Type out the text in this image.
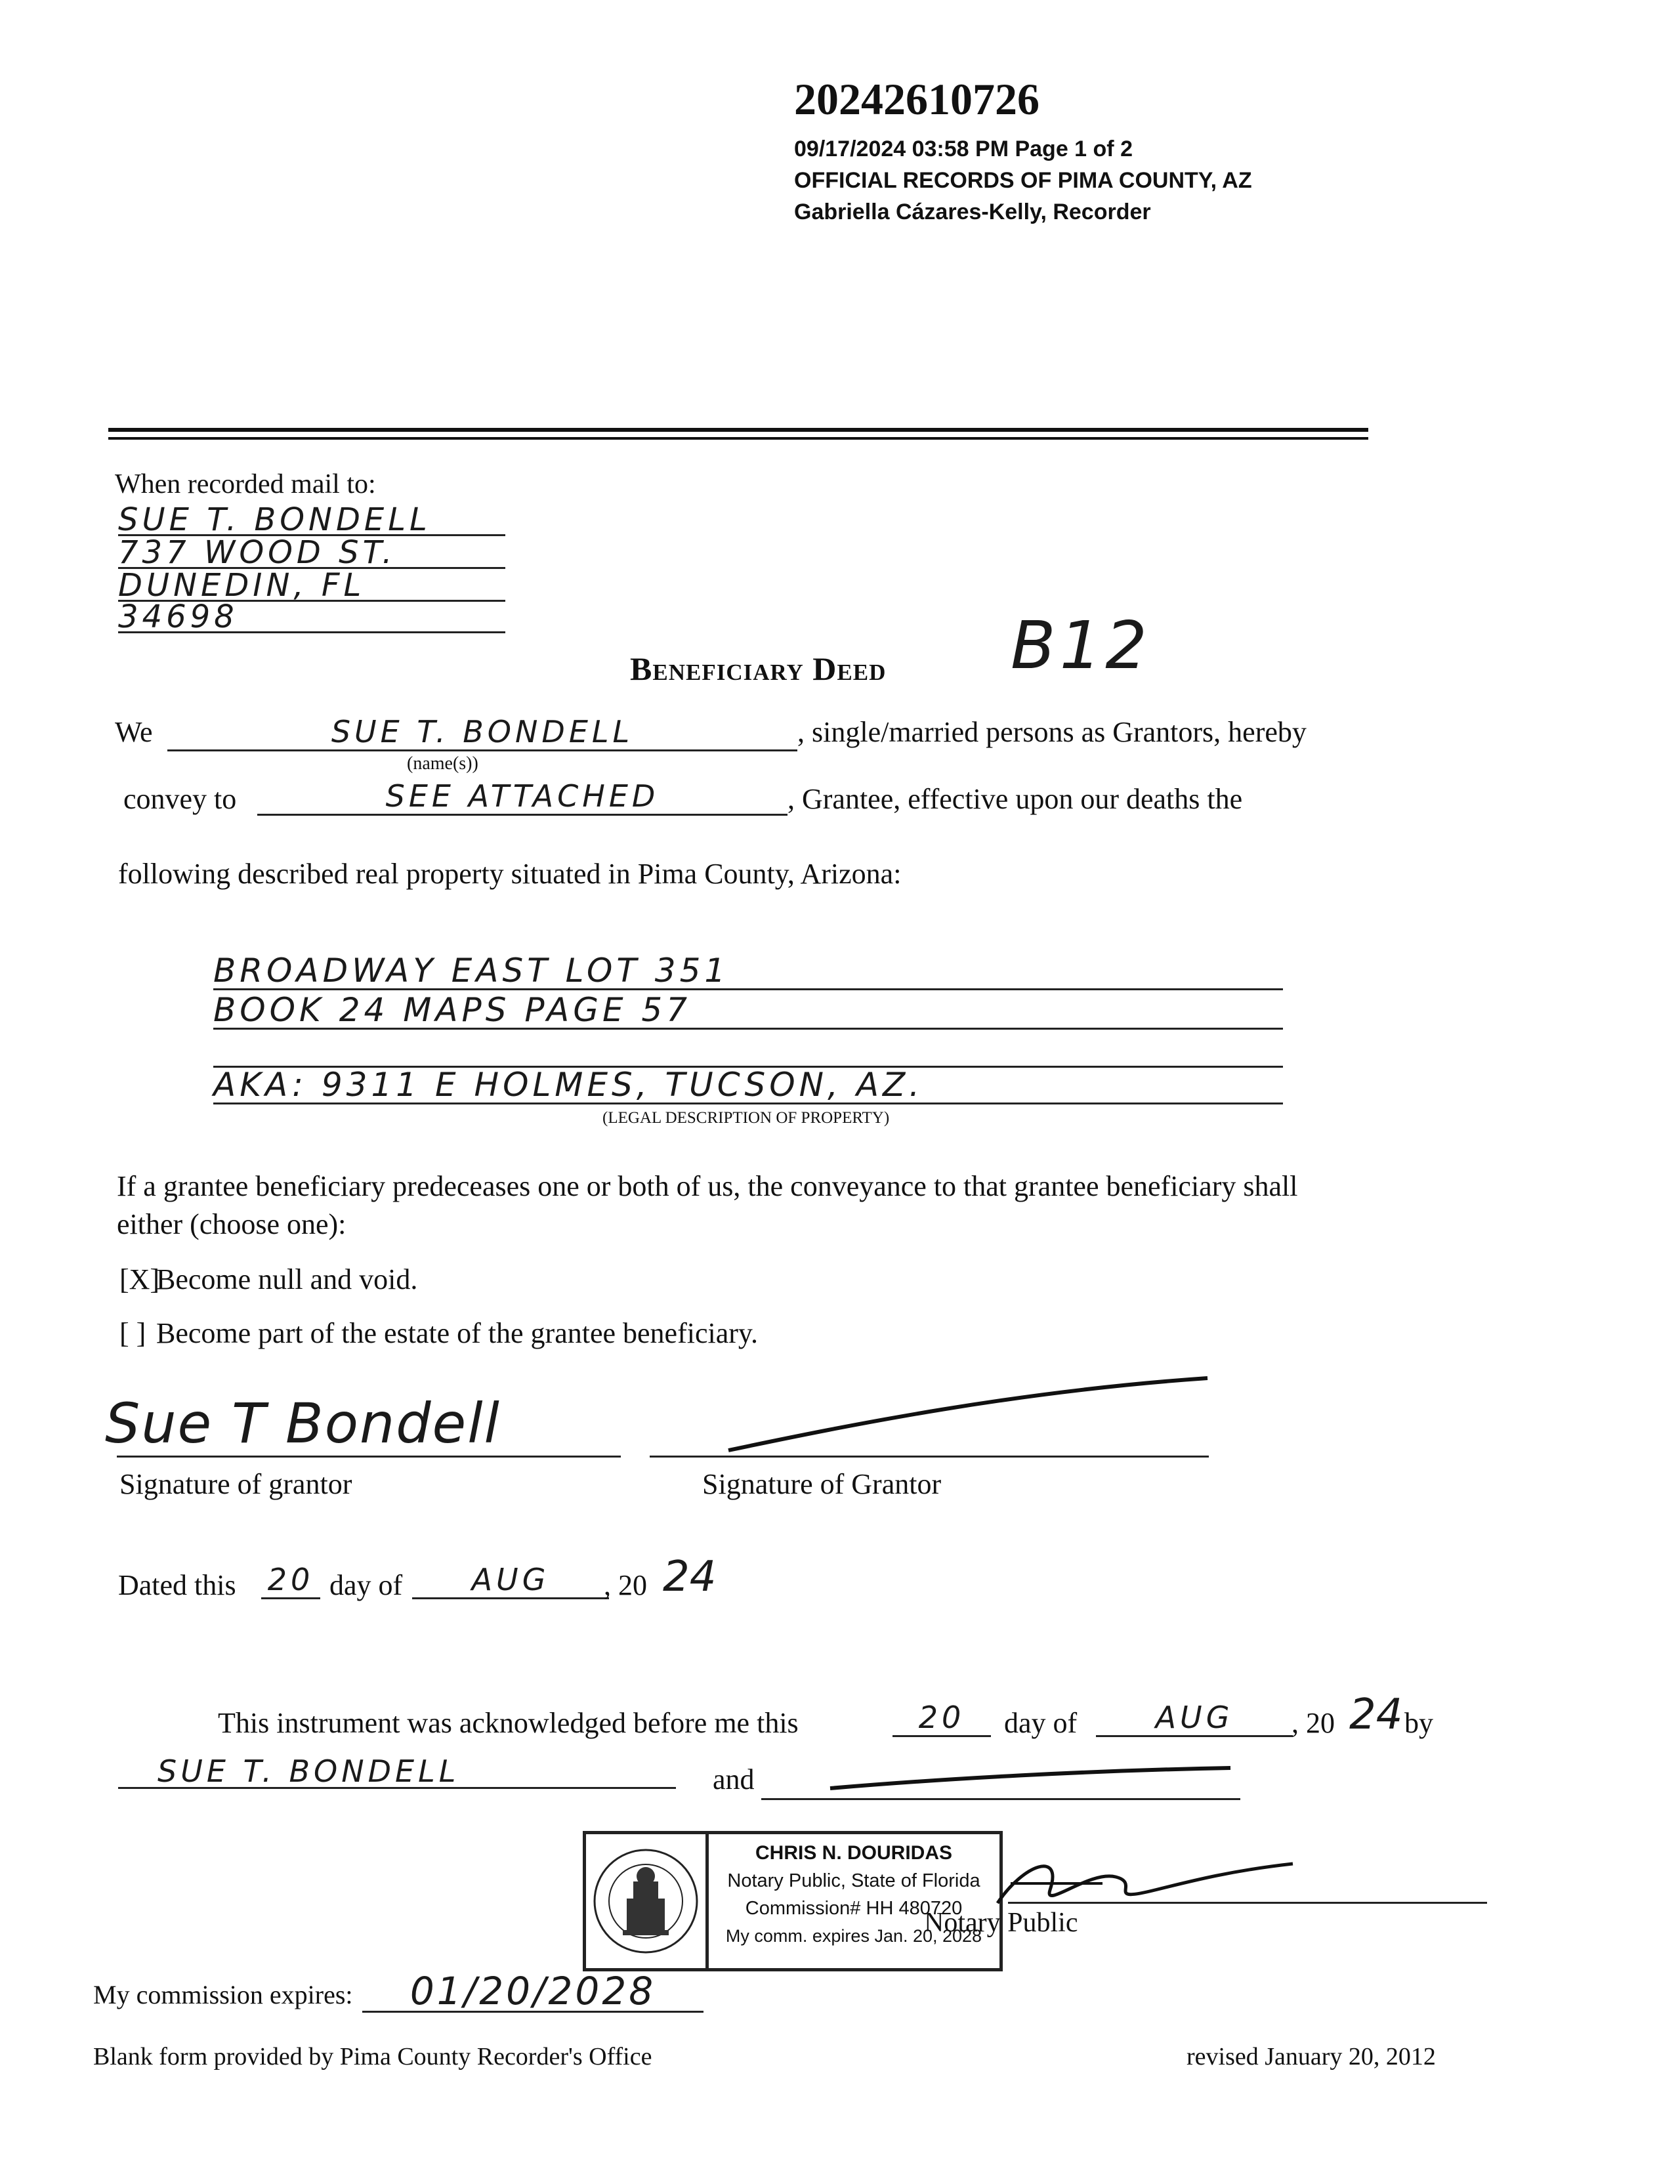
20242610726
09/17/2024 03:58 PM Page 1 of 2
OFFICIAL RECORDS OF PIMA COUNTY, AZ
Gabriella Cázares-Kelly, Recorder
When recorded mail to:
SUE T. BONDELL
737 WOOD ST.
DUNEDIN, FL
34698
Beneficiary Deed B12
We	SUE T. BONDELL	, single/married persons as Grantors, hereby
(name(s))
convey to	SEE ATTACHED	, Grantee, effective upon our deaths the
following described real property situated in Pima County, Arizona:
BROADWAY EAST LOT 351
BOOK 24 MAPS PAGE 57
AKA: 9311 E HOLMES, TUCSON, AZ.
(LEGAL DESCRIPTION OF PROPERTY)
If a grantee beneficiary predeceases one or both of us, the conveyance to that grantee beneficiary shall
either (choose one):
[X]
Become null and void.
[ ] Become part of the estate of the grantee beneficiary.
Sue T Bondell
Signature of grantor	Signature of Grantor
Dated this 20 day of	AUG	, 20 24
This instrument was acknowledged before me this	20	day of	AUG	, 20 24 by
SUE T. BONDELL	and
CHRIS N. DOURIDAS
Notary Public, State of Florida
Commission# HH 480720
My comm. expires Jan. 20, 2028
Notary Public
My commission expires:	01/20/2028
Blank form provided by Pima County Recorder's Office	revised January 20, 2012
